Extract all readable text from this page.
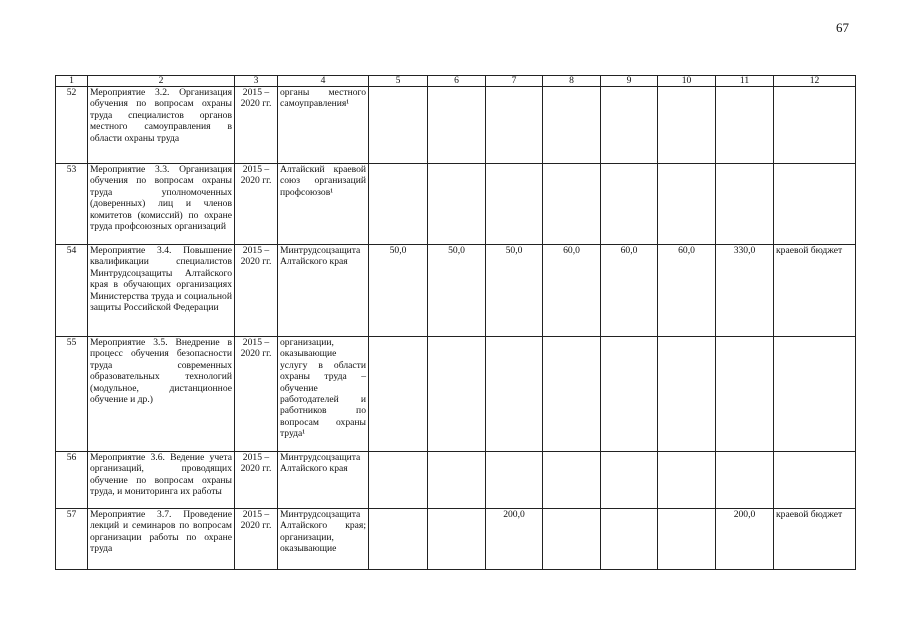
67
1	2	3	4	5	6	7	8	9	10	11	12
52	Мероприятие 3.2. Организация обучения по вопросам охраны труда специалистов органов местного самоуправления в области охраны труда	2015 – 2020 гг.	органы местного самоуправления¹								
53	Мероприятие 3.3. Организация обучения по вопросам охраны труда уполномоченных (доверенных) лиц и членов комитетов (комиссий) по охране труда профсоюзных организаций	2015 – 2020 гг.	Алтайский краевой союз организаций профсоюзов¹								
54	Мероприятие 3.4. Повышение квалификации специалистов Минтрудсоцзащиты Алтайского края в обучающих организациях Министерства труда и социальной защиты Российской Федерации	2015 – 2020 гг.	Минтрудсоцзащита Алтайского края	50,0	50,0	50,0	60,0	60,0	60,0	330,0	краевой бюджет
55	Мероприятие 3.5. Внедрение в процесс обучения безопасности труда современных образовательных технологий (модульное, дистанционное обучение и др.)	2015 – 2020 гг.	организации, оказывающие услугу в области охраны труда – обучение работодателей и работников по вопросам охраны труда¹								
56	Мероприятие 3.6. Ведение учета организаций, проводящих обучение по вопросам охраны труда, и мониторинга их работы	2015 – 2020 гг.	Минтрудсоцзащита Алтайского края								
57	Мероприятие 3.7. Проведение лекций и семинаров по вопросам организации работы по охране труда	2015 – 2020 гг.	Минтрудсоцзащита Алтайского края; организации, оказывающие			200,0				200,0	краевой бюджет
